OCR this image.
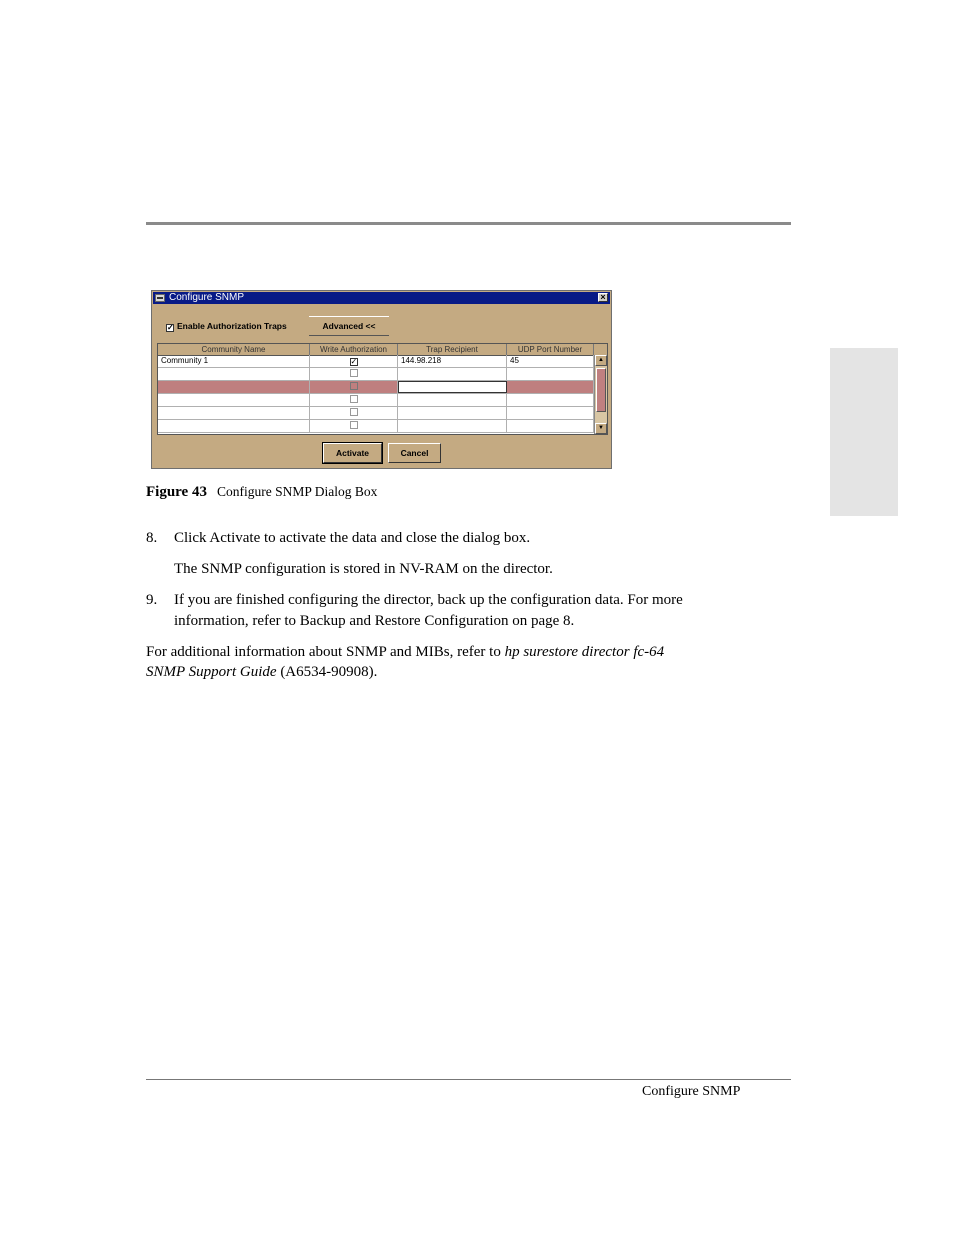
Configure SNMP	×
✓ Enable Authorization Traps	Advanced <<
Community Name	Write Authorization	Trap Recipient	UDP Port Number
Community 1	✓	144.98.218	45	▲
▼
Activate	Cancel
Figure 43 Configure SNMP Dialog Box
8. Click Activate to activate the data and close the dialog box.
The SNMP configuration is stored in NV-RAM on the director.
9. If you are finished configuring the director, back up the configuration data. For more
information, refer to Backup and Restore Configuration on page 8.
For additional information about SNMP and MIBs, refer to hp surestore director fc-64
SNMP Support Guide (A6534-90908).
Configure SNMP
